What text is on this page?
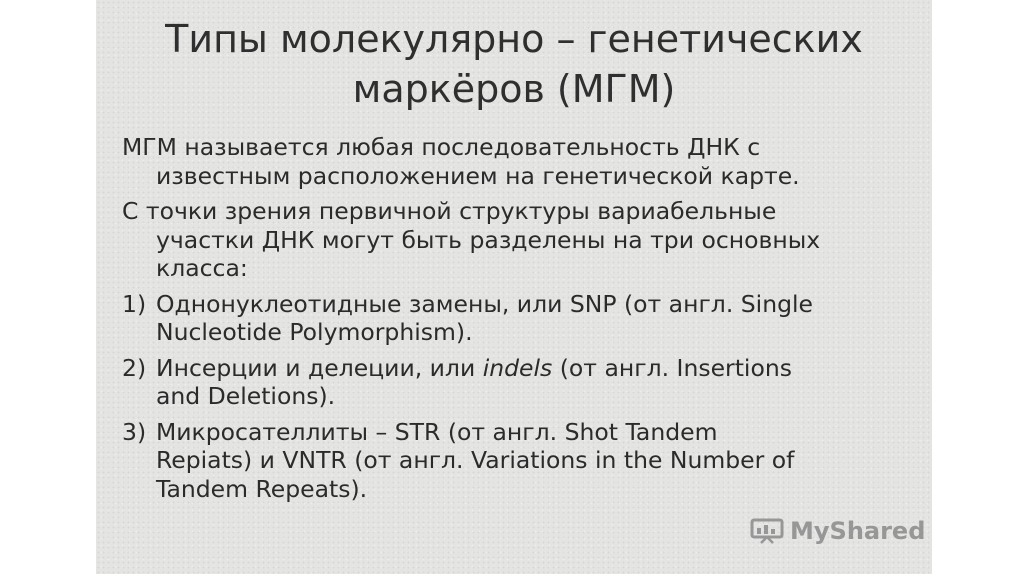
Типы молекулярно – генетических
маркёров (МГМ)
МГМ называется любая последовательность ДНК с
известным расположением на генетической карте.
С точки зрения первичной структуры вариабельные
участки ДНК могут быть разделены на три основных
класса:
1) Однонуклеотидные замены, или SNP (от англ. Single
Nucleotide Polymorphism).
2) Инсерции и делеции, или indels (от англ. Insertions
and Deletions).
3) Микросателлиты – STR (от англ. Shot Tandem
Repiats) и VNTR (от англ. Variations in the Number of
Tandem Repeats).
MyShared
